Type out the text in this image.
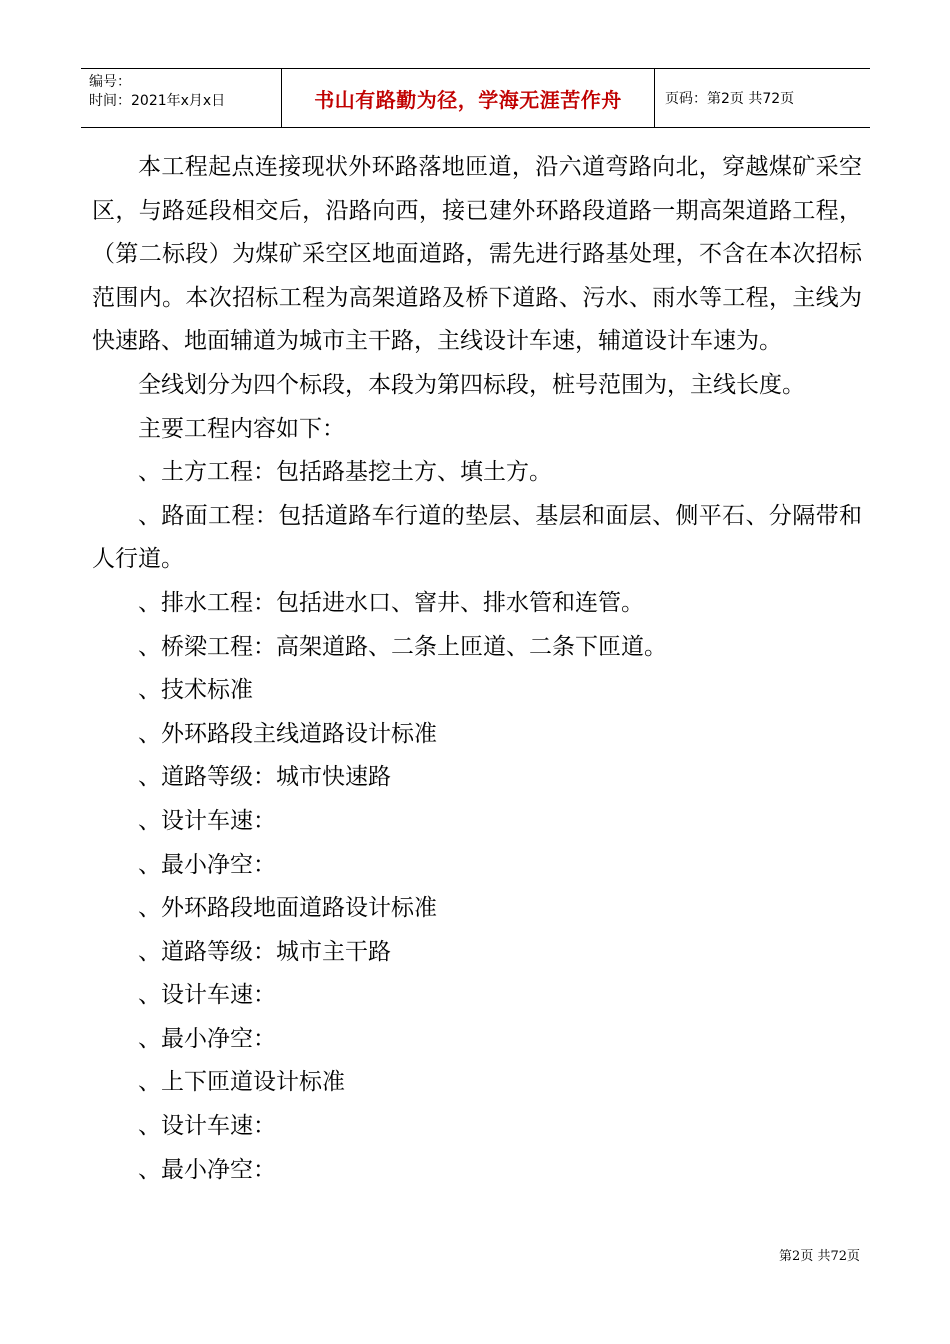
编号：
时间：2021年x月x日	书山有路勤为径，学海无涯苦作舟	页码：第2页 共72页

本工程起点连接现状外环路落地匝道，沿六道弯路向北，穿越煤矿采空区，与路延段相交后，沿路向西，接已建外环路段道路一期高架道路工程，（第二标段）为煤矿采空区地面道路，需先进行路基处理，不含在本次招标范围内。本次招标工程为高架道路及桥下道路、污水、雨水等工程，主线为快速路、地面辅道为城市主干路，主线设计车速，辅道设计车速为。

全线划分为四个标段，本段为第四标段，桩号范围为，主线长度。

主要工程内容如下：

、土方工程：包括路基挖土方、填土方。

、路面工程：包括道路车行道的垫层、基层和面层、侧平石、分隔带和人行道。

、排水工程：包括进水口、窨井、排水管和连管。

、桥梁工程：高架道路、二条上匝道、二条下匝道。

、技术标准

、外环路段主线道路设计标准

、道路等级：城市快速路

、设计车速：

、最小净空：

、外环路段地面道路设计标准

、道路等级：城市主干路

、设计车速：

、最小净空：

、上下匝道设计标准

、设计车速：

、最小净空：

第2页 共72页
